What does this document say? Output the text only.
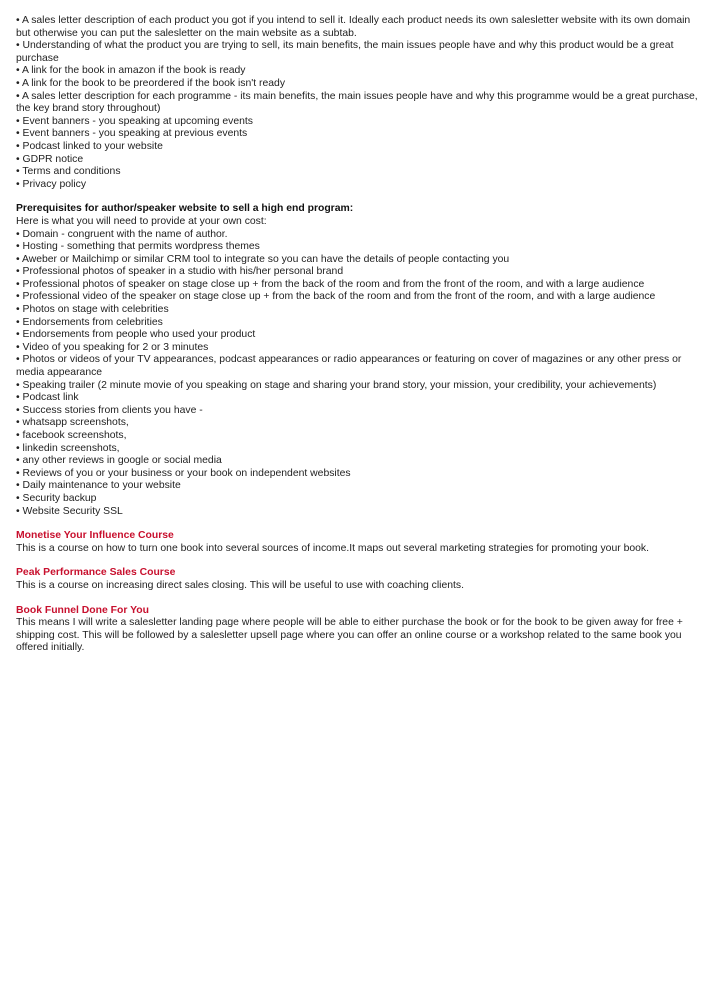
• A sales letter description of each product you got if you intend to sell it. Ideally each product needs its own salesletter website with its own domain but otherwise you can put the salesletter on the main website as a subtab.
• Understanding of what the product you are trying to sell, its main benefits, the main issues people have and why this product would be a great purchase
• A link for the book in amazon if the book is ready
• A link for the book to be preordered if the book isn't ready
• A sales letter description for each programme - its main benefits, the main issues people have and why this programme would be a great purchase, the key brand story throughout)
• Event banners - you speaking at upcoming events
• Event banners - you speaking at previous events
• Podcast linked to your website
• GDPR notice
• Terms and conditions
• Privacy policy
Prerequisites for author/speaker website to sell a high end program:
Here is what you will need to provide at your own cost:
• Domain - congruent with the name of author.
• Hosting - something that permits wordpress themes
• Aweber or Mailchimp or similar CRM tool to integrate so you can have the details of people contacting you
• Professional photos of speaker in a studio with his/her personal brand
• Professional photos of speaker on stage close up + from the back of the room and from the front of the room, and with a large audience
• Professional video of the speaker on stage close up + from the back of the room and from the front of the room, and with a large audience
• Photos on stage with celebrities
• Endorsements from celebrities
• Endorsements from people who used your product
• Video of you speaking for 2 or 3 minutes
• Photos or videos of your TV appearances, podcast appearances or radio appearances or featuring on cover of magazines or any other press or media appearance
• Speaking trailer (2 minute movie of you speaking on stage and sharing your brand story, your mission, your credibility, your achievements)
• Podcast link
• Success stories from clients you have -
• whatsapp screenshots,
• facebook screenshots,
• linkedin screenshots,
• any other reviews in google or social media
• Reviews of you or your business or your book on independent websites
• Daily maintenance to your website
• Security backup
• Website Security SSL
Monetise Your Influence Course
This is a course on how to turn one book into several sources of income.It maps out several marketing strategies for promoting your book.
Peak Performance Sales Course
This is a course on increasing direct sales closing. This will be useful to use with coaching clients.
Book Funnel Done For You
This means I will write a salesletter landing page where people will be able to either purchase the book or for the book to be given away for free + shipping cost. This will be followed by a salesletter upsell page where you can offer an online course or a workshop related to the same book you offered initially.
